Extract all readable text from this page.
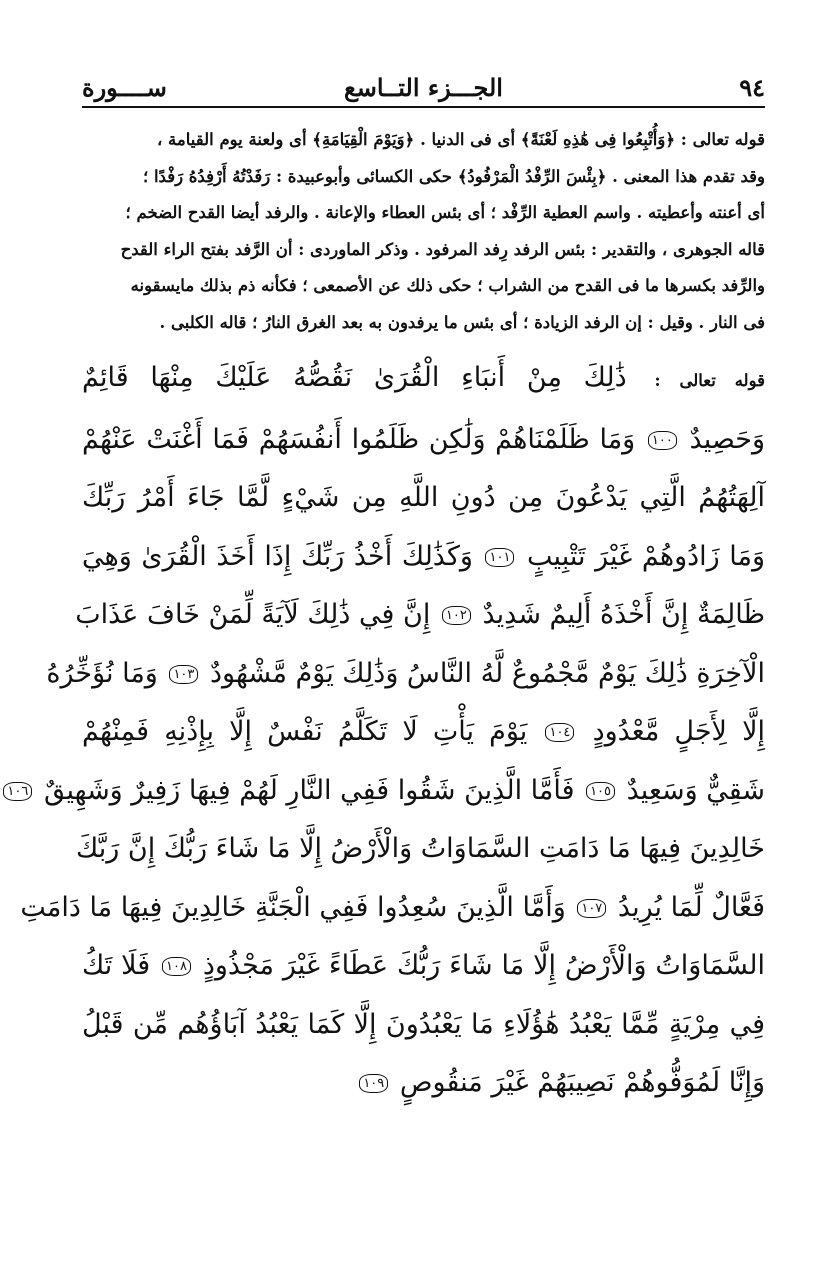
٩٤
الجـــزء التــاسع
ســــورة

قوله تعالى : ﴿وَأُتْبِعُوا فِى هَٰذِهِ لَعْنَةً﴾ أى فى الدنيا . ﴿وَيَوْمَ الْقِيَامَةِ﴾ أى ولعنة يوم القيامة ،

وقد تقدم هذا المعنى . ﴿بِئْسَ الرِّفْدُ الْمَرْفُودُ﴾ حكى الكسائى وأبوعبيدة : رَفَدْتُهُ أَرْفِدُهُ رَفْدًا ؛

أى أعنته وأعطيته . واسم العطية الرِّفْد ؛ أى بئس العطاء والإعانة . والرفد أيضا القدح الضخم ؛

قاله الجوهرى ، والتقدير : بئس الرفد رِفد المرفود . وذكر الماوردى : أن الرَّفد بفتح الراء القدح

والرِّفد بكسرها ما فى القدح من الشراب ؛ حكى ذلك عن الأصمعى ؛ فكأنه ذم بذلك مايسقونه

فى النار . وقيل : إن الرفد الزيادة ؛ أى بئس ما يرفدون به بعد الغرق النارُ ؛ قاله الكلبى .

قوله تعالى : ذَٰلِكَ مِنْ أَنبَاءِ الْقُرَىٰ نَقُصُّهُ عَلَيْكَ مِنْهَا قَائِمٌ
وَحَصِيدٌ ١٠٠ وَمَا ظَلَمْنَاهُمْ وَلَٰكِن ظَلَمُوا أَنفُسَهُمْ فَمَا أَغْنَتْ عَنْهُمْ
آلِهَتُهُمُ الَّتِي يَدْعُونَ مِن دُونِ اللَّهِ مِن شَيْءٍ لَّمَّا جَاءَ أَمْرُ رَبِّكَ
وَمَا زَادُوهُمْ غَيْرَ تَتْبِيبٍ ١٠١ وَكَذَٰلِكَ أَخْذُ رَبِّكَ إِذَا أَخَذَ الْقُرَىٰ وَهِيَ
ظَالِمَةٌ إِنَّ أَخْذَهُ أَلِيمٌ شَدِيدٌ ١٠٢ إِنَّ فِي ذَٰلِكَ لَآيَةً لِّمَنْ خَافَ عَذَابَ
الْآخِرَةِ ذَٰلِكَ يَوْمٌ مَّجْمُوعٌ لَّهُ النَّاسُ وَذَٰلِكَ يَوْمٌ مَّشْهُودٌ ١٠٣ وَمَا نُؤَخِّرُهُ
إِلَّا لِأَجَلٍ مَّعْدُودٍ ١٠٤ يَوْمَ يَأْتِ لَا تَكَلَّمُ نَفْسٌ إِلَّا بِإِذْنِهِ فَمِنْهُمْ
شَقِيٌّ وَسَعِيدٌ ١٠٥ فَأَمَّا الَّذِينَ شَقُوا فَفِي النَّارِ لَهُمْ فِيهَا زَفِيرٌ وَشَهِيقٌ ١٠٦
خَالِدِينَ فِيهَا مَا دَامَتِ السَّمَاوَاتُ وَالْأَرْضُ إِلَّا مَا شَاءَ رَبُّكَ إِنَّ رَبَّكَ
فَعَّالٌ لِّمَا يُرِيدُ ١٠٧ وَأَمَّا الَّذِينَ سُعِدُوا فَفِي الْجَنَّةِ خَالِدِينَ فِيهَا مَا دَامَتِ
السَّمَاوَاتُ وَالْأَرْضُ إِلَّا مَا شَاءَ رَبُّكَ عَطَاءً غَيْرَ مَجْذُوذٍ ١٠٨ فَلَا تَكُ
فِي مِرْيَةٍ مِّمَّا يَعْبُدُ هَٰؤُلَاءِ مَا يَعْبُدُونَ إِلَّا كَمَا يَعْبُدُ آبَاؤُهُم مِّن قَبْلُ
وَإِنَّا لَمُوَفُّوهُمْ نَصِيبَهُمْ غَيْرَ مَنقُوصٍ ١٠٩
